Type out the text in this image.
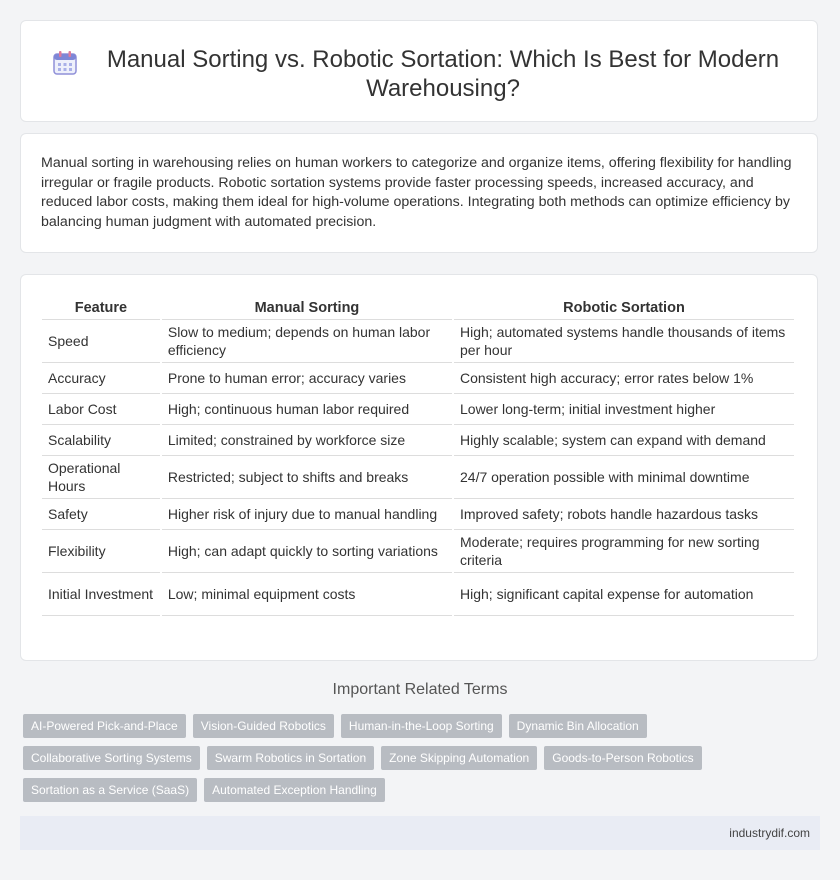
Manual Sorting vs. Robotic Sortation: Which Is Best for Modern Warehousing?

Manual sorting in warehousing relies on human workers to categorize and organize items, offering flexibility for handling irregular or fragile products. Robotic sortation systems provide faster processing speeds, increased accuracy, and reduced labor costs, making them ideal for high-volume operations. Integrating both methods can optimize efficiency by balancing human judgment with automated precision.

Feature	Manual Sorting	Robotic Sortation
Speed	Slow to medium; depends on human labor efficiency	High; automated systems handle thousands of items per hour
Accuracy	Prone to human error; accuracy varies	Consistent high accuracy; error rates below 1%
Labor Cost	High; continuous human labor required	Lower long-term; initial investment higher
Scalability	Limited; constrained by workforce size	Highly scalable; system can expand with demand
Operational Hours	Restricted; subject to shifts and breaks	24/7 operation possible with minimal downtime
Safety	Higher risk of injury due to manual handling	Improved safety; robots handle hazardous tasks
Flexibility	High; can adapt quickly to sorting variations	Moderate; requires programming for new sorting criteria
Initial Investment	Low; minimal equipment costs	High; significant capital expense for automation
Important Related Terms
AI-Powered Pick-and-Place	Vision-Guided Robotics	Human-in-the-Loop Sorting	Dynamic Bin Allocation
Collaborative Sorting Systems	Swarm Robotics in Sortation	Zone Skipping Automation	Goods-to-Person Robotics
Sortation as a Service (SaaS)	Automated Exception Handling
industrydif.com
